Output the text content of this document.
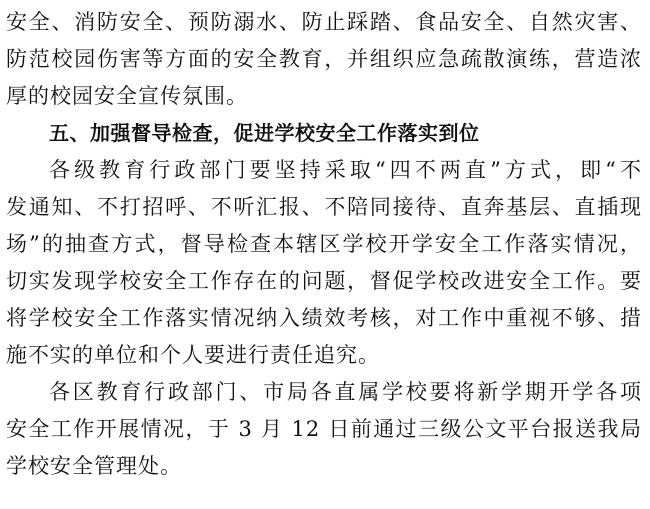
安全、消防安全、预防溺水、防止踩踏、食品安全、自然灾害、
防范校园伤害等方面的安全教育，并组织应急疏散演练，营造浓
厚的校园安全宣传氛围。
五、加强督导检查，促进学校安全工作落实到位
各级教育行政部门要坚持采取“四不两直”方式，即“不
发通知、不打招呼、不听汇报、不陪同接待、直奔基层、直插现
场”的抽查方式，督导检查本辖区学校开学安全工作落实情况，
切实发现学校安全工作存在的问题，督促学校改进安全工作。要
将学校安全工作落实情况纳入绩效考核，对工作中重视不够、措
施不实的单位和个人要进行责任追究。
各区教育行政部门、市局各直属学校要将新学期开学各项
安全工作开展情况，于 3 月 12 日前通过三级公文平台报送我局
学校安全管理处。
